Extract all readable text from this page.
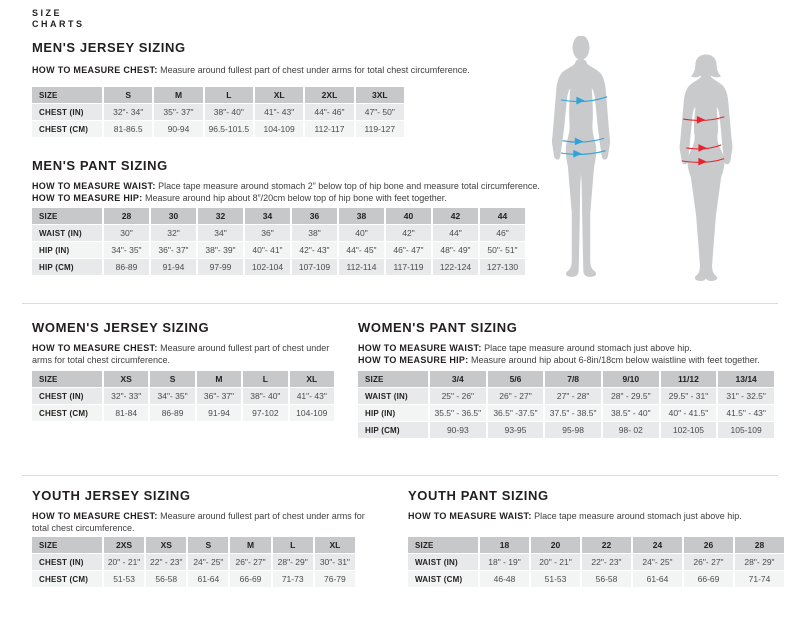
SIZE
CHARTS
MEN'S JERSEY SIZING
HOW TO MEASURE CHEST: Measure around fullest part of chest under arms for total chest circumference.
SIZE	S	M	L	XL	2XL	3XL
CHEST (IN)	32"- 34"	35"- 37"	38"- 40"	41"- 43"	44"- 46"	47"- 50"
CHEST (CM)	81-86.5	90-94	96.5-101.5	104-109	112-117	119-127
MEN'S PANT SIZING
HOW TO MEASURE WAIST: Place tape measure around stomach 2” below top of hip bone and measure total circumference.
HOW TO MEASURE HIP: Measure around hip about 8”/20cm below top of hip bone with feet together.
SIZE	28	30	32	34	36	38	40	42	44
WAIST (IN)	30"	32"	34"	36"	38"	40"	42"	44"	46"
HIP (IN)	34"- 35"	36"- 37"	38"- 39"	40"- 41"	42"- 43"	44"- 45"	46"- 47"	48"- 49"	50"- 51"
HIP (CM)	86-89	91-94	97-99	102-104	107-109	112-114	117-119	122-124	127-130
WOMEN'S JERSEY SIZING
HOW TO MEASURE CHEST: Measure around fullest part of chest under arms for total chest circumference.
SIZE	XS	S	M	L	XL
CHEST (IN)	32"- 33"	34"- 35"	36"- 37"	38"- 40"	41"- 43"
CHEST (CM)	81-84	86-89	91-94	97-102	104-109
WOMEN'S PANT SIZING
HOW TO MEASURE WAIST: Place tape measure around stomach just above hip.
HOW TO MEASURE HIP: Measure around hip about 6-8in/18cm below waistline with feet together.
SIZE	3/4	5/6	7/8	9/10	11/12	13/14
WAIST (IN)	25" - 26"	26" - 27"	27" - 28"	28" - 29.5"	29.5" - 31"	31" - 32.5"
HIP (IN)	35.5" - 36.5"	36.5" -37.5"	37.5" - 38.5"	38.5" - 40"	40" - 41.5"	41.5" - 43"
HIP (CM)	90-93	93-95	95-98	98- 02	102-105	105-109
YOUTH JERSEY SIZING
HOW TO MEASURE CHEST: Measure around fullest part of chest under arms for total chest circumference.
SIZE	2XS	XS	S	M	L	XL
CHEST (IN)	20" - 21"	22" - 23"	24"- 25"	26"- 27"	28"- 29"	30"- 31"
CHEST (CM)	51-53	56-58	61-64	66-69	71-73	76-79
YOUTH PANT SIZING
HOW TO MEASURE WAIST: Place tape measure around stomach just above hip.
SIZE	18	20	22	24	26	28
WAIST (IN)	18" - 19"	20" - 21"	22"- 23"	24"- 25"	26"- 27"	28"- 29"
WAIST (CM)	46-48	51-53	56-58	61-64	66-69	71-74
